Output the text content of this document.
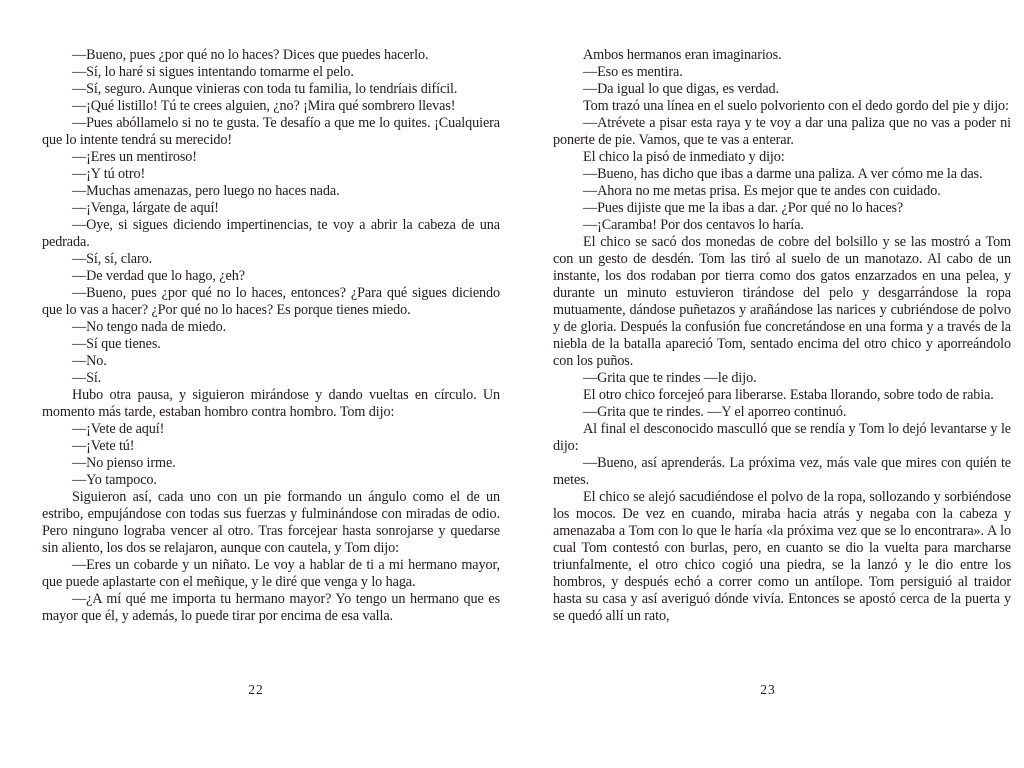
—Bueno, pues ¿por qué no lo haces? Dices que puedes hacerlo.

—Sí, lo haré si sigues intentando tomarme el pelo.

—Sí, seguro. Aunque vinieras con toda tu familia, lo tendríais difícil.

—¡Qué listillo! Tú te crees alguien, ¿no? ¡Mira qué sombrero llevas!

—Pues abóllamelo si no te gusta. Te desafío a que me lo quites. ¡Cualquiera que lo intente tendrá su merecido!

—¡Eres un mentiroso!

—¡Y tú otro!

—Muchas amenazas, pero luego no haces nada.

—¡Venga, lárgate de aquí!

—Oye, si sigues diciendo impertinencias, te voy a abrir la cabeza de una pedrada.

—Sí, sí, claro.

—De verdad que lo hago, ¿eh?

—Bueno, pues ¿por qué no lo haces, entonces? ¿Para qué sigues diciendo que lo vas a hacer? ¿Por qué no lo haces? Es porque tienes miedo.

—No tengo nada de miedo.

—Sí que tienes.

—No.

—Sí.

Hubo otra pausa, y siguieron mirándose y dando vueltas en círculo. Un momento más tarde, estaban hombro contra hombro. Tom dijo:

—¡Vete de aquí!

—¡Vete tú!

—No pienso irme.

—Yo tampoco.

Siguieron así, cada uno con un pie formando un ángulo como el de un estribo, empujándose con todas sus fuerzas y fulminándose con miradas de odio. Pero ninguno lograba vencer al otro. Tras forcejear hasta sonrojarse y quedarse sin aliento, los dos se relajaron, aunque con cautela, y Tom dijo:

—Eres un cobarde y un niñato. Le voy a hablar de ti a mi hermano mayor, que puede aplastarte con el meñique, y le diré que venga y lo haga.

—¿A mí qué me importa tu hermano mayor? Yo tengo un hermano que es mayor que él, y además, lo puede tirar por encima de esa valla.

22

Ambos hermanos eran imaginarios.

—Eso es mentira.

—Da igual lo que digas, es verdad.

Tom trazó una línea en el suelo polvoriento con el dedo gordo del pie y dijo:

—Atrévete a pisar esta raya y te voy a dar una paliza que no vas a poder ni ponerte de pie. Vamos, que te vas a enterar.

El chico la pisó de inmediato y dijo:

—Bueno, has dicho que ibas a darme una paliza. A ver cómo me la das.

—Ahora no me metas prisa. Es mejor que te andes con cuidado.

—Pues dijiste que me la ibas a dar. ¿Por qué no lo haces?

—¡Caramba! Por dos centavos lo haría.

El chico se sacó dos monedas de cobre del bolsillo y se las mostró a Tom con un gesto de desdén. Tom las tiró al suelo de un manotazo. Al cabo de un instante, los dos rodaban por tierra como dos gatos enzarzados en una pelea, y durante un minuto estuvieron tirándose del pelo y desgarrándose la ropa mutuamente, dándose puñetazos y arañándose las narices y cubriéndose de polvo y de gloria. Después la confusión fue concretándose en una forma y a través de la niebla de la batalla apareció Tom, sentado encima del otro chico y aporreándolo con los puños.

—Grita que te rindes —le dijo.

El otro chico forcejeó para liberarse. Estaba llorando, sobre todo de rabia.

—Grita que te rindes. —Y el aporreo continuó.

Al final el desconocido masculló que se rendía y Tom lo dejó levantarse y le dijo:

—Bueno, así aprenderás. La próxima vez, más vale que mires con quién te metes.

El chico se alejó sacudiéndose el polvo de la ropa, sollozando y sorbiéndose los mocos. De vez en cuando, miraba hacia atrás y negaba con la cabeza y amenazaba a Tom con lo que le haría «la próxima vez que se lo encontrara». A lo cual Tom contestó con burlas, pero, en cuanto se dio la vuelta para marcharse triunfalmente, el otro chico cogió una piedra, se la lanzó y le dio entre los hombros, y después echó a correr como un antílope. Tom persiguió al traidor hasta su casa y así averiguó dónde vivía. Entonces se apostó cerca de la puerta y se quedó allí un rato,

23
